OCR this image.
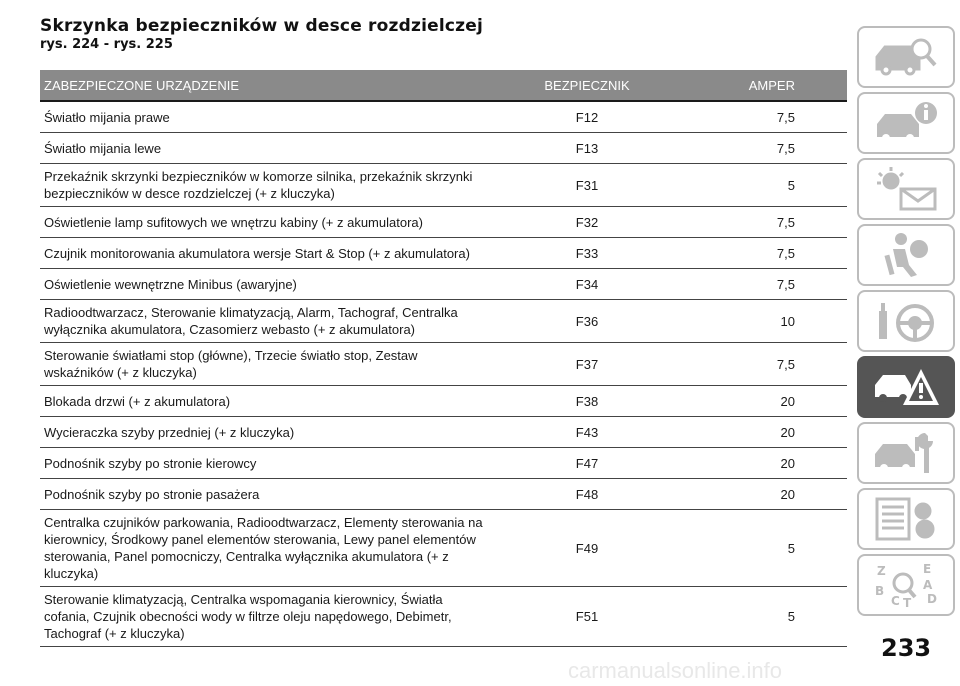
Skrzynka bezpieczników w desce rozdzielczej
rys. 224 - rys. 225
ZABEZPIECZONE URZĄDZENIE	BEZPIECZNIK	AMPER
Światło mijania prawe	F12	7,5
Światło mijania lewe	F13	7,5
Przekaźnik skrzynki bezpieczników w komorze silnika, przekaźnik skrzynki bezpieczników w desce rozdzielczej (+ z kluczyka)	F31	5
Oświetlenie lamp sufitowych we wnętrzu kabiny (+ z akumulatora)	F32	7,5
Czujnik monitorowania akumulatora wersje Start & Stop (+ z akumulatora)	F33	7,5
Oświetlenie wewnętrzne Minibus (awaryjne)	F34	7,5
Radioodtwarzacz, Sterowanie klimatyzacją, Alarm, Tachograf, Centralka wyłącznika akumulatora, Czasomierz webasto (+ z akumulatora)	F36	10
Sterowanie światłami stop (główne), Trzecie światło stop, Zestaw wskaźników (+ z kluczyka)	F37	7,5
Blokada drzwi (+ z akumulatora)	F38	20
Wycieraczka szyby przedniej (+ z kluczyka)	F43	20
Podnośnik szyby po stronie kierowcy	F47	20
Podnośnik szyby po stronie pasażera	F48	20
Centralka czujników parkowania, Radioodtwarzacz, Elementy sterowania na kierownicy, Środkowy panel elementów sterowania, Lewy panel elementów sterowania, Panel pomocniczy, Centralka wyłącznika akumulatora (+ z kluczyka)	F49	5
Sterowanie klimatyzacją, Centralka wspomagania kierownicy, Światła cofania, Czujnik obecności wody w filtrze oleju napędowego, Debimetr, Tachograf (+ z kluczyka)	F51	5
Z	E
A
B
D
C T
233
carmanualsonline.info
